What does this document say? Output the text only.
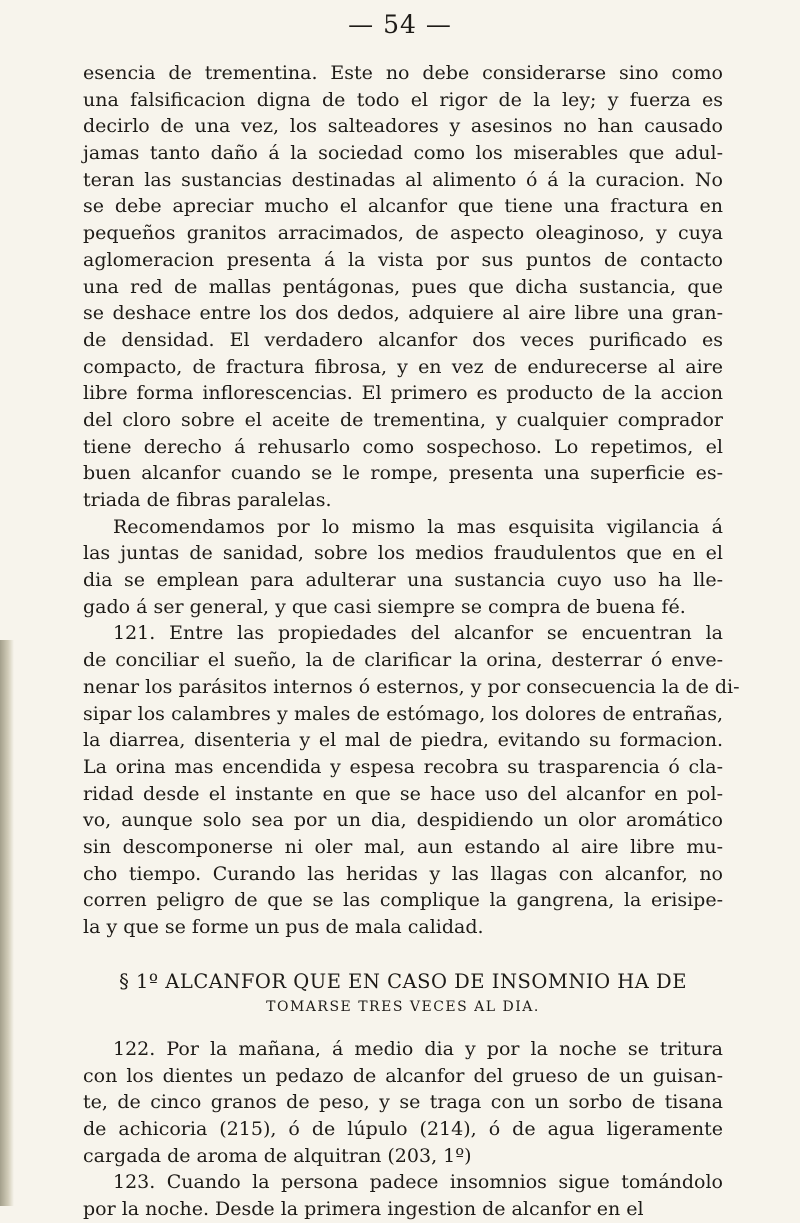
— 54 —
esencia de trementina. Este no debe considerarse sino como
una falsificacion digna de todo el rigor de la ley; y fuerza es
decirlo de una vez, los salteadores y asesinos no han causado
jamas tanto daño á la sociedad como los miserables que adul-
teran las sustancias destinadas al alimento ó á la curacion. No
se debe apreciar mucho el alcanfor que tiene una fractura en
pequeños granitos arracimados, de aspecto oleaginoso, y cuya
aglomeracion presenta á la vista por sus puntos de contacto
una red de mallas pentágonas, pues que dicha sustancia, que
se deshace entre los dos dedos, adquiere al aire libre una gran-
de densidad. El verdadero alcanfor dos veces purificado es
compacto, de fractura fibrosa, y en vez de endurecerse al aire
libre forma inflorescencias. El primero es producto de la accion
del cloro sobre el aceite de trementina, y cualquier comprador
tiene derecho á rehusarlo como sospechoso. Lo repetimos, el
buen alcanfor cuando se le rompe, presenta una superficie es-
triada de fibras paralelas.
Recomendamos por lo mismo la mas esquisita vigilancia á
las juntas de sanidad, sobre los medios fraudulentos que en el
dia se emplean para adulterar una sustancia cuyo uso ha lle-
gado á ser general, y que casi siempre se compra de buena fé.
121. Entre las propiedades del alcanfor se encuentran la
de conciliar el sueño, la de clarificar la orina, desterrar ó enve-
nenar los parásitos internos ó esternos, y por consecuencia la de di-
sipar los calambres y males de estómago, los dolores de entrañas,
la diarrea, disenteria y el mal de piedra, evitando su formacion.
La orina mas encendida y espesa recobra su trasparencia ó cla-
ridad desde el instante en que se hace uso del alcanfor en pol-
vo, aunque solo sea por un dia, despidiendo un olor aromático
sin descomponerse ni oler mal, aun estando al aire libre mu-
cho tiempo. Curando las heridas y las llagas con alcanfor, no
corren peligro de que se las complique la gangrena, la erisipe-
la y que se forme un pus de mala calidad.
§ 1º ALCANFOR QUE EN CASO DE INSOMNIO HA DE
TOMARSE TRES VECES AL DIA.
122. Por la mañana, á medio dia y por la noche se tritura
con los dientes un pedazo de alcanfor del grueso de un guisan-
te, de cinco granos de peso, y se traga con un sorbo de tisana
de achicoria (215), ó de lúpulo (214), ó de agua ligeramente
cargada de aroma de alquitran (203, 1º)
123. Cuando la persona padece insomnios sigue tomándolo
por la noche. Desde la primera ingestion de alcanfor en el
